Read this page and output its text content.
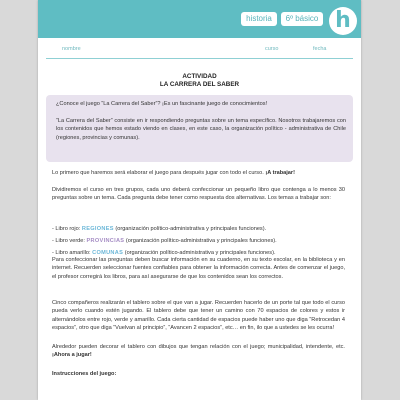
historia	6º básico h
nombre	curso	fecha
ACTIVIDAD
LA CARRERA DEL SABER
¿Conoce el juego “La Carrera del Saber”? ¡Es un fascinante juego de conocimientos!
“La Carrera del Saber” consiste en ir respondiendo preguntas sobre un tema específico. Nosotros trabajaremos con los contenidos que hemos estado viendo en clases, en este caso, la organización político - administrativa de Chile (regiones, provincias y comunas).
Lo primero que haremos será elaborar el juego para después jugar con todo el curso. ¡A trabajar!
Dividiremos el curso en tres grupos, cada uno deberá confeccionar un pequeño libro que contenga a lo menos 30 preguntas sobre un tema. Cada pregunta debe tener como respuesta dos alternativas. Los temas a trabajar son:
- Libro rojo: REGIONES (organización político-administrativa y principales funciones).
- Libro verde: PROVINCIAS (organización político-administrativa y principales funciones).
- Libro amarillo: COMUNAS (organización político-administrativa y principales funciones).
Para confeccionar las preguntas deben buscar información en su cuaderno, en su texto escolar, en la biblioteca y en internet. Recuerden seleccionar fuentes confiables para obtener la información correcta. Antes de comenzar el juego, el profesor corregirá los libros, para así asegurarse de que los contenidos sean los correctos.
Cinco compañeros realizarán el tablero sobre el que van a jugar. Recuerden hacerlo de un porte tal que todo el curso pueda verlo cuando estén jugando. El tablero debe que tener un camino con 70 espacios de colores y estos ir alternándolos entre rojo, verde y amarillo. Cada cierta cantidad de espacios puede haber uno que diga “Retrocedan 4 espacios”, otro que diga “Vuelvan al principio”, “Avancen 2 espacios”, etc… en fin, ilo que a ustedes se les ocurra!
Alrededor pueden decorar el tablero con dibujos que tengan relación con el juego; municipalidad, intendente, etc. ¡Ahora a jugar!
Instrucciones del juego:
